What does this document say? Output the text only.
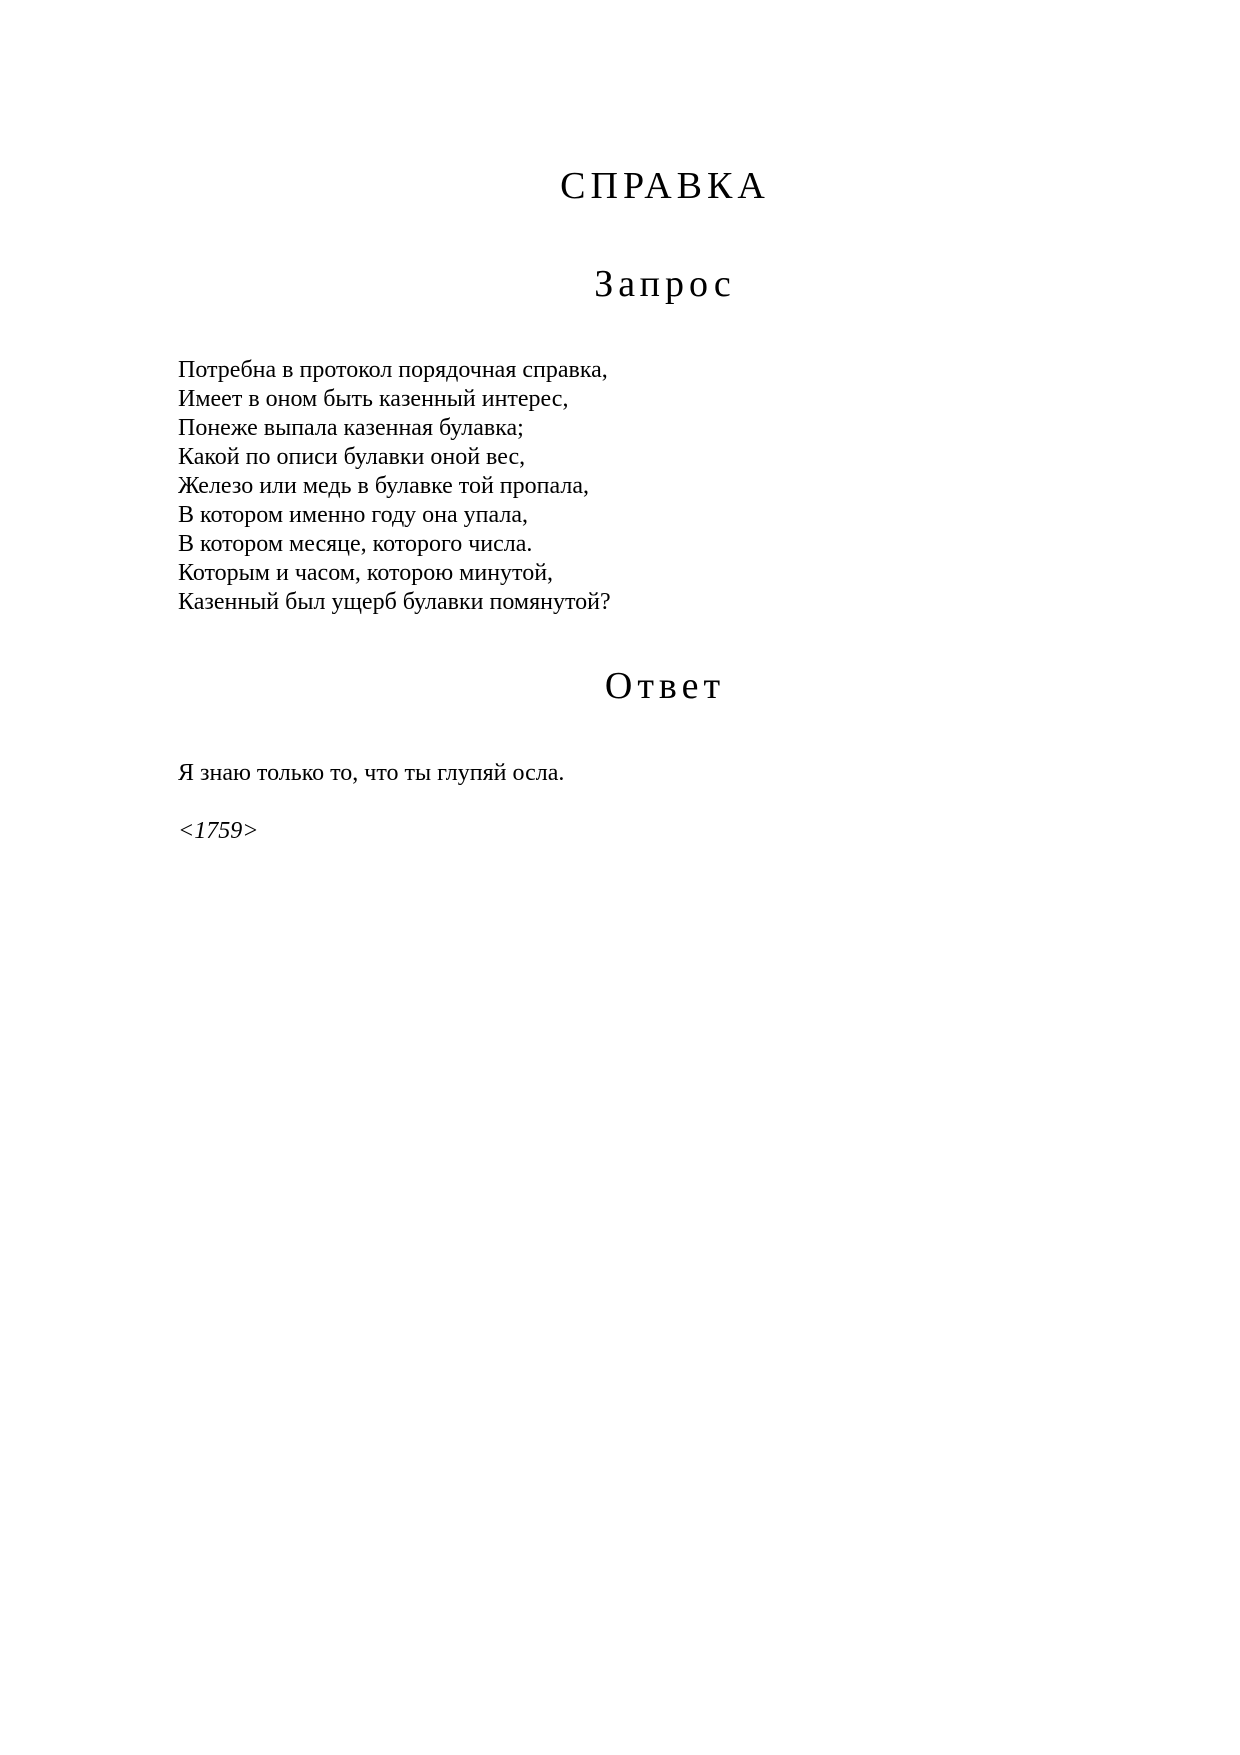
СПРАВКА
Запрос
Потребна в протокол порядочная справка,
Имеет в оном быть казенный интерес,
Понеже выпала казенная булавка;
Какой по описи булавки оной вес,
Железо или медь в булавке той пропала,
В котором именно году она упала,
В котором месяце, которого числа.
Которым и часом, которою минутой,
Казенный был ущерб булавки помянутой?
Ответ
Я знаю только то, что ты глупяй осла.

<1759>
